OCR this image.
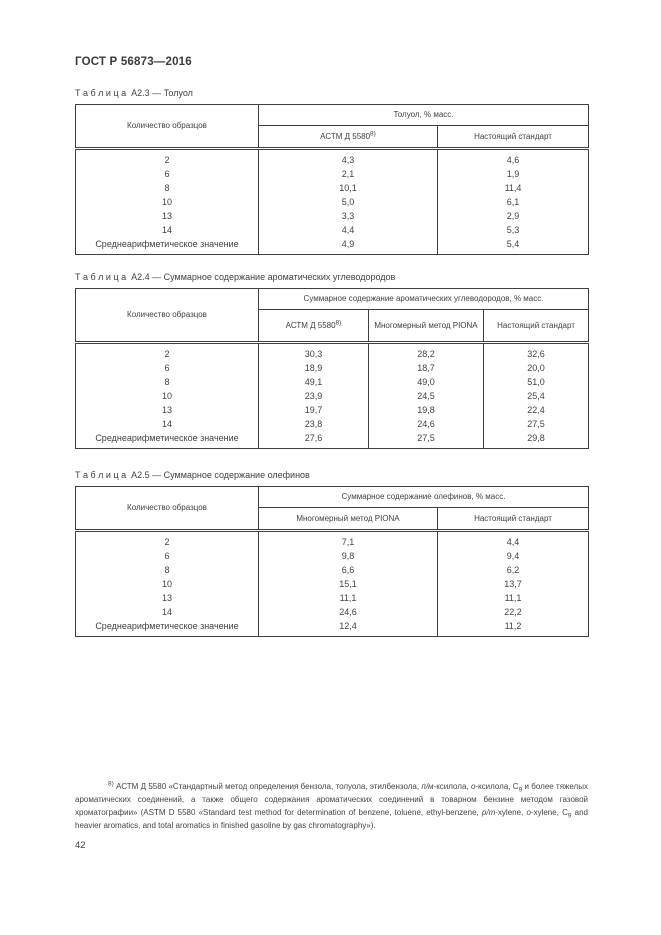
ГОСТ Р 56873—2016
Т а б л и ц а  А2.3 — Толуол
Количество образцов	Толуол, % масс.	
	АСТМ Д 5580$^{8)}$	Настоящий стандарт
2	4,3	4,6
6	2,1	1,9
8	10,1	11,4
10	5,0	6,1
13	3,3	2,9
14	4,4	5,3
Среднеарифметическое значение	4,9	5,4
Т а б л и ц а  А2.4 — Суммарное содержание ароматических углеводородов
Количество образцов	Суммарное содержание ароматических углеводородов, % масс.		
	АСТМ Д 5580$^{8)}$	Многомерный метод PIONA	Настоящий стандарт
2	30,3	28,2	32,6
6	18,9	18,7	20,0
8	49,1	49,0	51,0
10	23,9	24,5	25,4
13	19,7	19,8	22,4
14	23,8	24,6	27,5
Среднеарифметическое значение	27,6	27,5	29,8
Т а б л и ц а  А2.5 — Суммарное содержание олефинов
Количество образцов	Суммарное содержание олефинов, % масс.	
	Многомерный метод PIONA	Настоящий стандарт
2	7,1	4,4
6	9,8	9,4
8	6,6	6,2
10	15,1	13,7
13	11,1	11,1
14	24,6	22,2
Среднеарифметическое значение	12,4	11,2

$^{8)}$ АСТМ Д 5580 «Стандартный метод определения бензола, толуола, этилбензола, п/м-ксилола, о-ксилола, $C_9$ и более тяжелых ароматических соединений, а также общего содержания ароматических соединений в товарном бензине методом газовой хроматографии» (ASTM D 5580 «Standard test method for determination of benzene, toluene, ethyl-benzene, p/m-xylene, o-xylene, $C_9$ and heavier aromatics, and total aromatics in finished gasoline by gas chromatography»).

42
